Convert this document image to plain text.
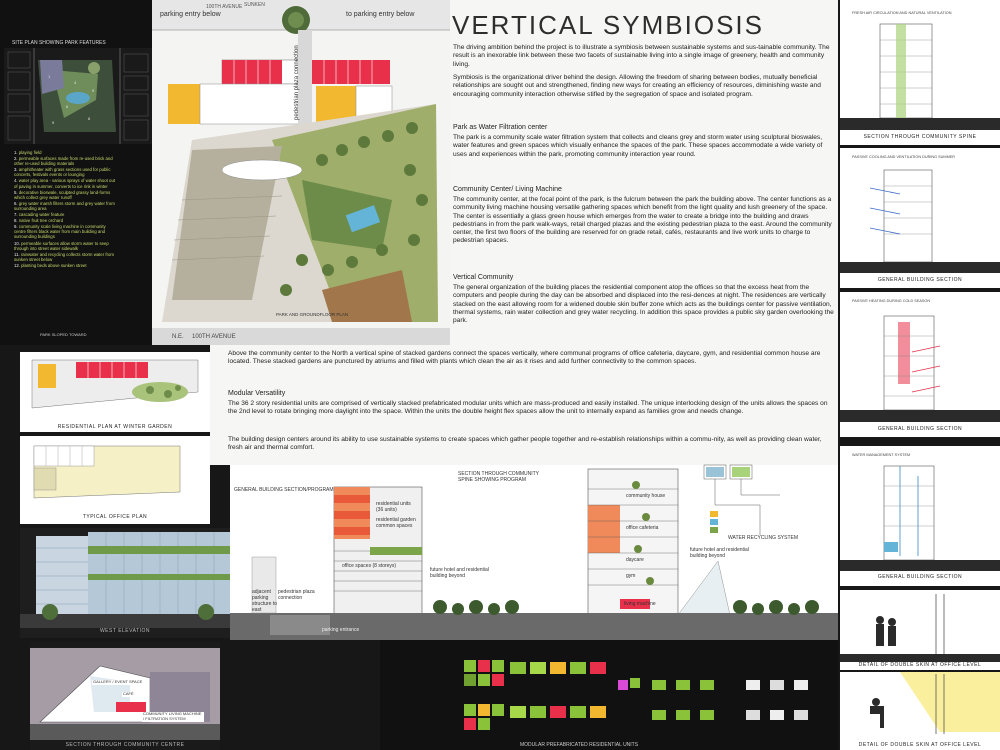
SITE PLAN SHOWING PARK FEATURES
1
4
6
5
8
9

1. playing field

2. permeable surfaces made from re-used brick and other re-used building materials

3. amphitheater with grass sections used for public concerts, festivals events or lounging

4. water play area - various sprays of water shoot out of paving in summer, converts to ice rink in winter

5. decorative bioswale, sculpted grassy land-forms which collect grey water runoff

6. grey water marsh filters storm and grey water from surrounding area

7. cascading water feature

8. native fruit tree orchard

9. community scale living machine in community centre filters black water from main building and surrounding buildings

10. permeable surfaces allow storm water to seep through into street water sidewalk

11. rainwater and recycling collects storm water from sunken street below

12. planting beds above sunken street

PARK SLOPED TOWARD
RESIDENTIAL PLAN AT WINTER GARDEN
TYPICAL OFFICE PLAN
WEST ELEVATION
GALLERY / EVENT SPACE
CAFÉ
COMMUNITY LIVING MACHINE / FILTRATION SYSTEM
SECTION THROUGH COMMUNITY CENTRE
parking entry below	to parking entry below
100TH AVENUE SUNKEN
pedestrian plaza connection
PARK AND GROUNDFLOOR PLAN
N.E. 100TH AVENUE
VERTICAL SYMBIOSIS

The driving ambition behind the project is to illustrate a symbiosis between sustainable systems and sus-tainable community. The result is an inexorable link between these two facets of sustainable living into a single image of greenery, health and community living.

Symbiosis is the organizational driver behind the design. Allowing the freedom of sharing between bodies, mutually beneficial relationships are sought out and strengthened, finding new ways for creating an efficiency of resources, diminishing waste and encouraging community interaction otherwise stifled by the segregation of space and isolated program.

Park as Water Filtration center

The park is a community scale water filtration system that collects and cleans grey and storm water using sculptural bioswales, water features and green spaces which visually enhance the spaces of the park. These spaces accommodate a wide variety of uses and experiences within the park, promoting community interaction year round.

Community Center/ Living Machine

The community center, at the focal point of the park, is the fulcrum between the park the building above. The center functions as a community living machine housing versatile gathering spaces which benefit from the light quality and lush greenery of the space. The center is essentially a glass green house which emerges from the water to create a bridge into the building and draws pedestrians in from the park walk-ways, retail charged plazas and the existing pedestrian plaza to the east. Around the community center, the first two floors of the building are reserved for on grade retail, cafés, restaurants and live work units to charge to pedestrian spaces.

Vertical Community

The general organization of the building places the residential component atop the offices so that the excess heat from the computers and people during the day can be absorbed and displaced into the resi-dences at night. The residences are vertically stacked on the east allowing room for a widened double skin buffer zone which acts as the buildings center for passive ventilation, thermal systems, rain water collection and grey water recycling. In addition this space provides a public sky garden overlooking the park.

Above the community center to the North a vertical spine of stacked gardens connect the spaces vertically, where communal programs of office cafeteria, daycare, gym, and residential common house are located. These stacked gardens are punctured by atriums and filled with plants which clean the air as it rises and add further connectivity to the common spaces.

Modular Versatility

The 36 2 story residential units are comprised of vertically stacked prefabricated modular units which are mass-produced and easily installed. The unique interlocking design of the units allows the spaces on the 2nd level to rotate bringing more daylight into the space. Within the units the double height flex spaces allow the unit to internally expand as families grow and needs change.

The building design centers around its ability to use sustainable systems to create spaces which gather people together and re-establish relationships within a commu-nity, as well as providing clean water, fresh air and thermal comfort.

GENERAL BUILDING SECTION/PROGRAM
residential units (36 units)
residential garden common spaces
office spaces (8 storeys)
future hotel and residential building beyond
adjacent parking structure to east
pedestrian plaza connection
parking entrance
SECTION THROUGH COMMUNITY SPINE SHOWING PROGRAM
WATER RECYCLING SYSTEM
community house
office cafeteria
daycare
gym
living machine
future hotel and residential building beyond
MODULAR PREFABRICATED RESIDENTIAL UNITS
FRESH AIR CIRCULATION AND NATURAL VENTILATION
SECTION THROUGH COMMUNITY SPINE
PASSIVE COOLING AND VENTILATION DURING SUMMER
GENERAL BUILDING SECTION
PASSIVE HEATING DURING COLD SEASON
GENERAL BUILDING SECTION
WATER MANAGEMENT SYSTEM
GENERAL BUILDING SECTION
DETAIL OF DOUBLE SKIN AT OFFICE LEVEL
DETAIL OF DOUBLE SKIN AT OFFICE LEVEL
